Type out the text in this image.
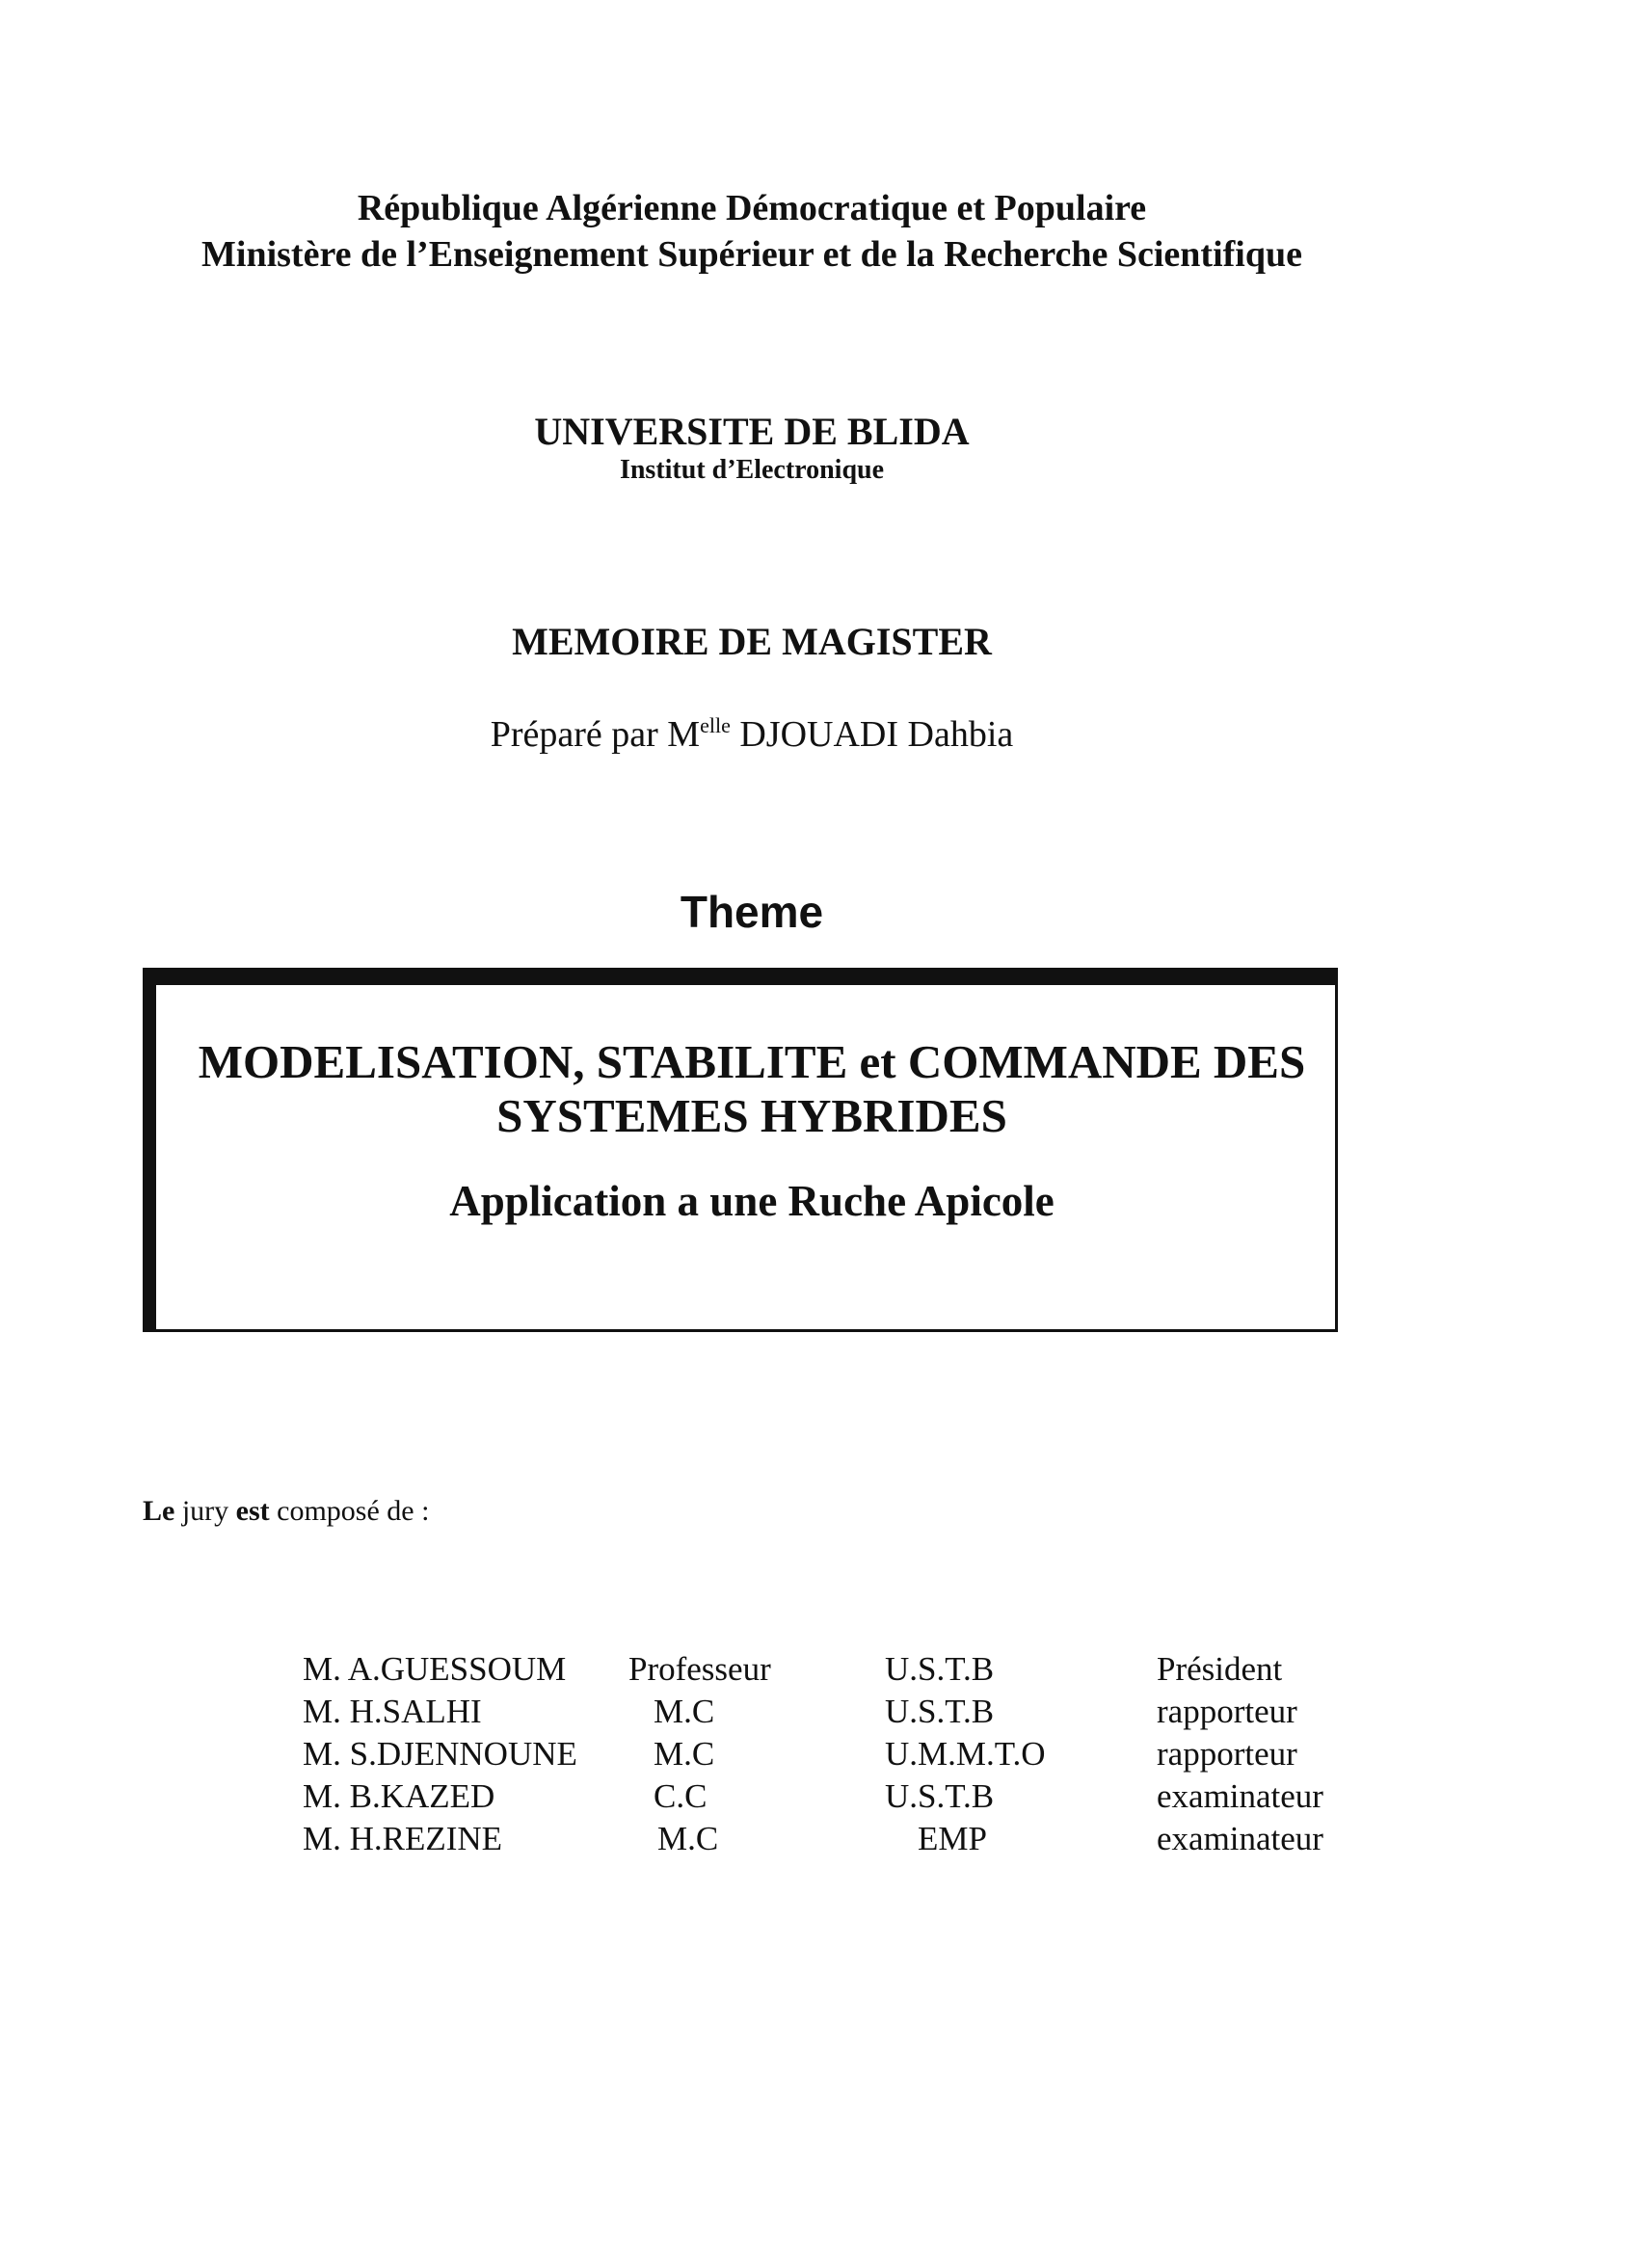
République Algérienne Démocratique et Populaire
Ministère de l’Enseignement Supérieur et de la Recherche Scientifique
UNIVERSITE DE BLIDA
Institut d’Electronique
MEMOIRE DE MAGISTER
Préparé par $M^{elle}$ DJOUADI Dahbia
Theme
MODELISATION, STABILITE et COMMANDE DES
SYSTEMES HYBRIDES
Application a une Ruche Apicole
Le jury est composé de :
M. A.GUESSOUM	Professeur	U.S.T.B	Président
M. H.SALHI	M.C	U.S.T.B	rapporteur
M. S.DJENNOUNE	M.C	U.M.M.T.O	rapporteur
M. B.KAZED	C.C	U.S.T.B	examinateur
M. H.REZINE	M.C	EMP	examinateur
